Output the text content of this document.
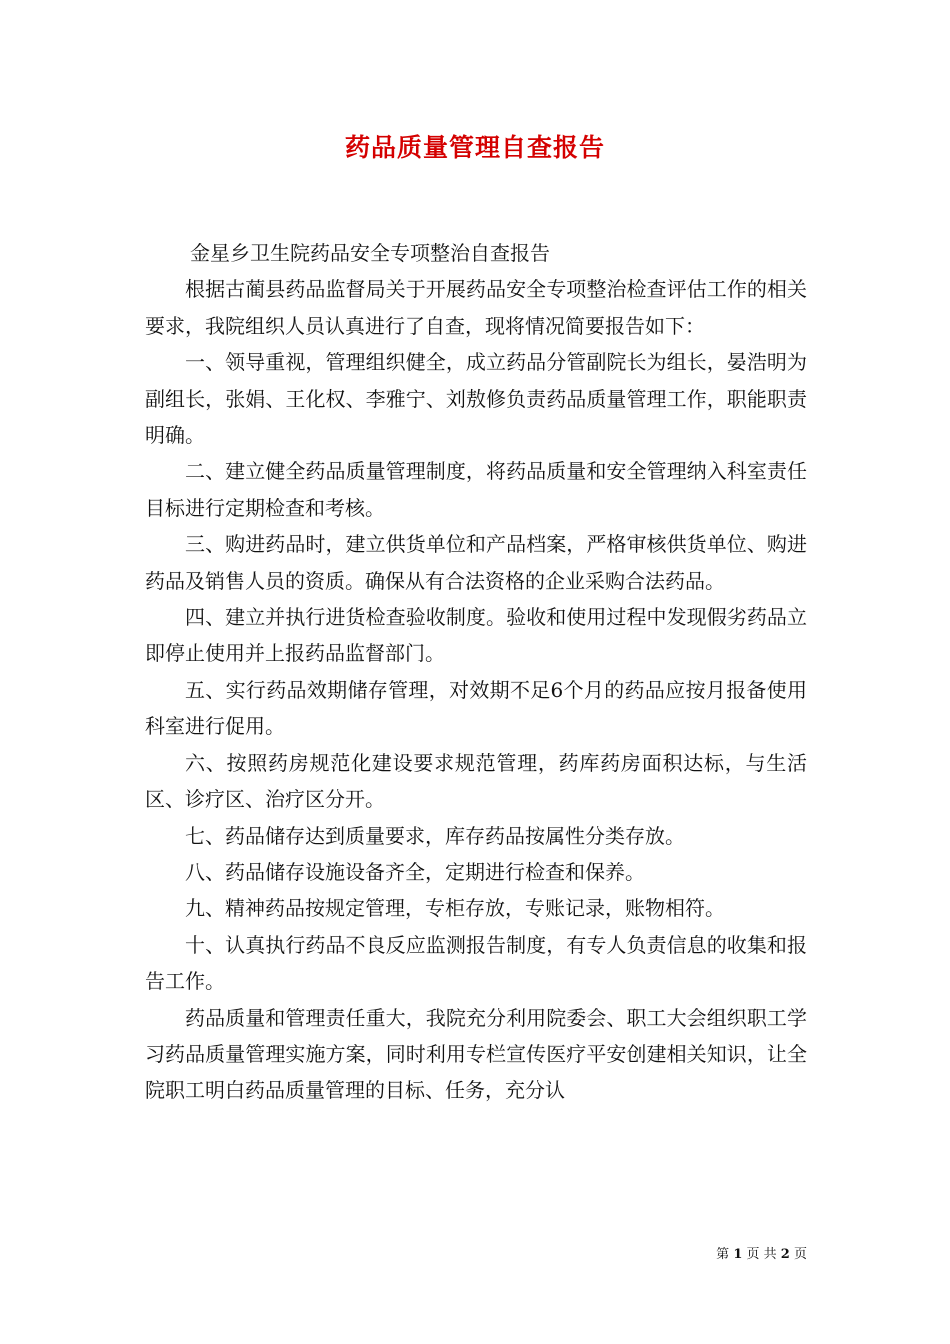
药品质量管理自查报告

金星乡卫生院药品安全专项整治自查报告

根据古蔺县药品监督局关于开展药品安全专项整治检查评估工作的相关要求，我院组织人员认真进行了自查，现将情况简要报告如下：

一、领导重视，管理组织健全，成立药品分管副院长为组长，晏浩明为副组长，张娟、王化权、李雅宁、刘敖修负责药品质量管理工作，职能职责明确。

二、建立健全药品质量管理制度，将药品质量和安全管理纳入科室责任目标进行定期检查和考核。

三、购进药品时，建立供货单位和产品档案，严格审核供货单位、购进药品及销售人员的资质。确保从有合法资格的企业采购合法药品。

四、建立并执行进货检查验收制度。验收和使用过程中发现假劣药品立即停止使用并上报药品监督部门。

五、实行药品效期储存管理，对效期不足6个月的药品应按月报备使用科室进行促用。

六、按照药房规范化建设要求规范管理，药库药房面积达标，与生活区、诊疗区、治疗区分开。

七、药品储存达到质量要求，库存药品按属性分类存放。

八、药品储存设施设备齐全，定期进行检查和保养。

九、精神药品按规定管理，专柜存放，专账记录，账物相符。

十、认真执行药品不良反应监测报告制度，有专人负责信息的收集和报告工作。

药品质量和管理责任重大，我院充分利用院委会、职工大会组织职工学习药品质量管理实施方案，同时利用专栏宣传医疗平安创建相关知识，让全院职工明白药品质量管理的目标、任务，充分认

第 1 页 共 2 页
